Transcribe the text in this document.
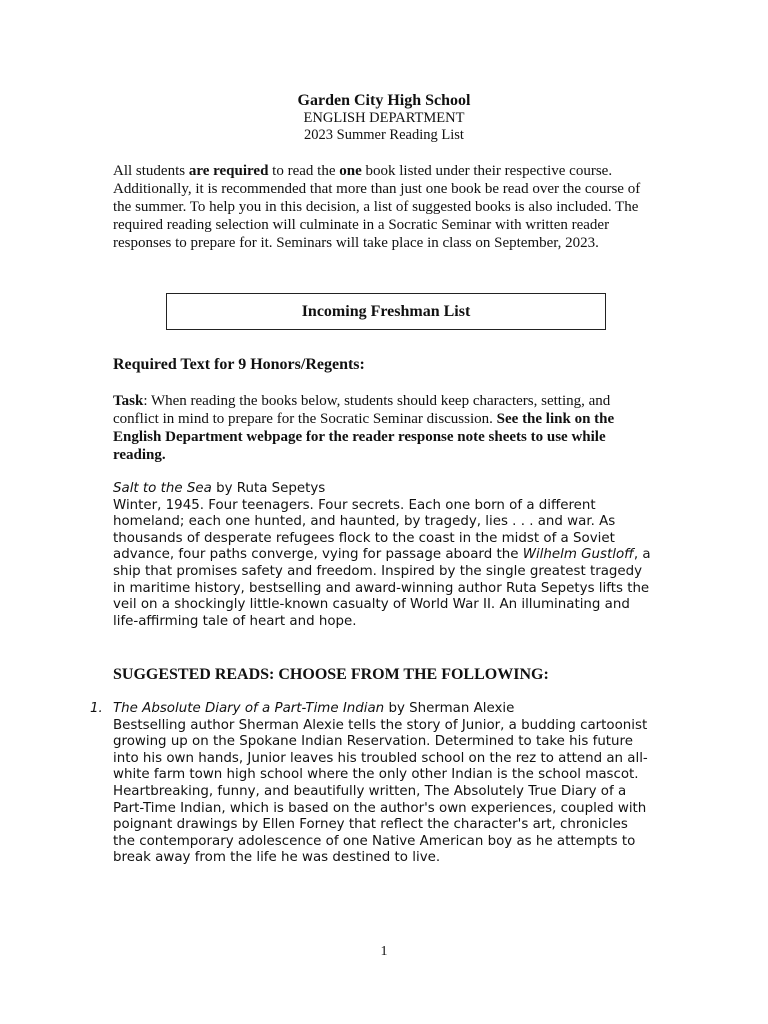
Garden City High School
ENGLISH DEPARTMENT
2023 Summer Reading List
All students are required to read the one book listed under their respective course. Additionally, it is recommended that more than just one book be read over the course of the summer. To help you in this decision, a list of suggested books is also included. The required reading selection will culminate in a Socratic Seminar with written reader responses to prepare for it. Seminars will take place in class on September, 2023.
Incoming Freshman List
Required Text for 9 Honors/Regents:
Task: When reading the books below, students should keep characters, setting, and conflict in mind to prepare for the Socratic Seminar discussion. See the link on the English Department webpage for the reader response note sheets to use while reading.
Salt to the Sea by Ruta Sepetys
Winter, 1945. Four teenagers. Four secrets. Each one born of a different homeland; each one hunted, and haunted, by tragedy, lies . . . and war. As thousands of desperate refugees flock to the coast in the midst of a Soviet advance, four paths converge, vying for passage aboard the Wilhelm Gustloff, a ship that promises safety and freedom. Inspired by the single greatest tragedy in maritime history, bestselling and award-winning author Ruta Sepetys lifts the veil on a shockingly little-known casualty of World War II. An illuminating and life-affirming tale of heart and hope.
SUGGESTED READS: CHOOSE FROM THE FOLLOWING:
1. The Absolute Diary of a Part-Time Indian by Sherman Alexie
Bestselling author Sherman Alexie tells the story of Junior, a budding cartoonist growing up on the Spokane Indian Reservation. Determined to take his future into his own hands, Junior leaves his troubled school on the rez to attend an all-white farm town high school where the only other Indian is the school mascot. Heartbreaking, funny, and beautifully written, The Absolutely True Diary of a Part-Time Indian, which is based on the author's own experiences, coupled with poignant drawings by Ellen Forney that reflect the character's art, chronicles the contemporary adolescence of one Native American boy as he attempts to break away from the life he was destined to live.
1
